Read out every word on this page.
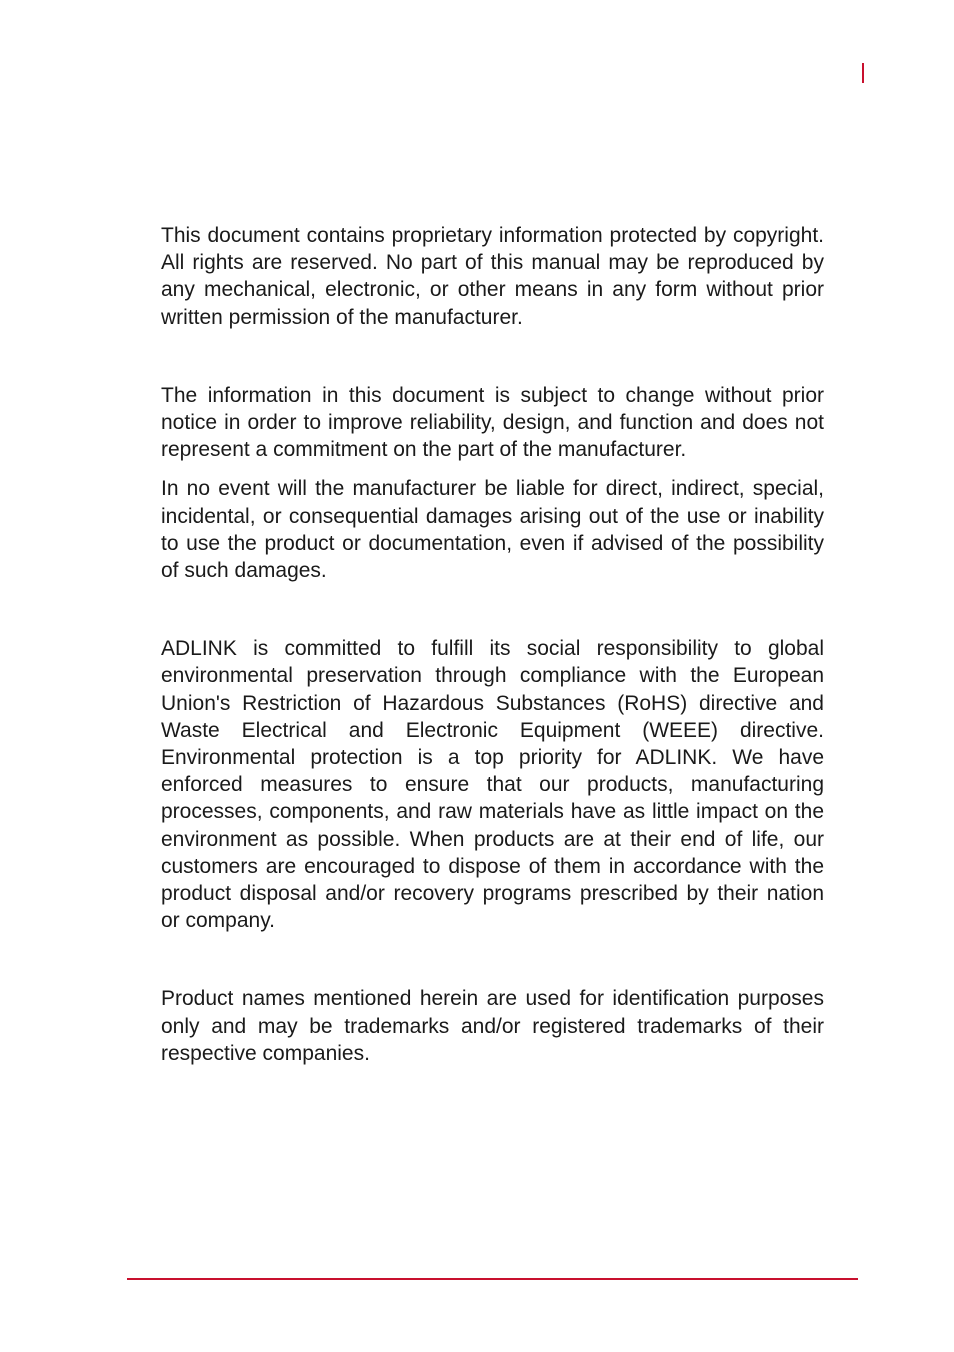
This document contains proprietary information protected by copyright. All rights are reserved. No part of this manual may be reproduced by any mechanical, electronic, or other means in any form without prior written permission of the manufacturer.

The information in this document is subject to change without prior notice in order to improve reliability, design, and function and does not represent a commitment on the part of the manufacturer.

In no event will the manufacturer be liable for direct, indirect, special, incidental, or consequential damages arising out of the use or inability to use the product or documentation, even if advised of the possibility of such damages.

ADLINK is committed to fulfill its social responsibility to global environmental preservation through compliance with the European Union's Restriction of Hazardous Substances (RoHS) directive and Waste Electrical and Electronic Equipment (WEEE) directive. Environmental protection is a top priority for ADLINK. We have enforced measures to ensure that our products, manufacturing processes, components, and raw materials have as little impact on the environment as possible. When products are at their end of life, our customers are encouraged to dispose of them in accordance with the product disposal and/or recovery programs prescribed by their nation or company.

Product names mentioned herein are used for identification purposes only and may be trademarks and/or registered trademarks of their respective companies.
